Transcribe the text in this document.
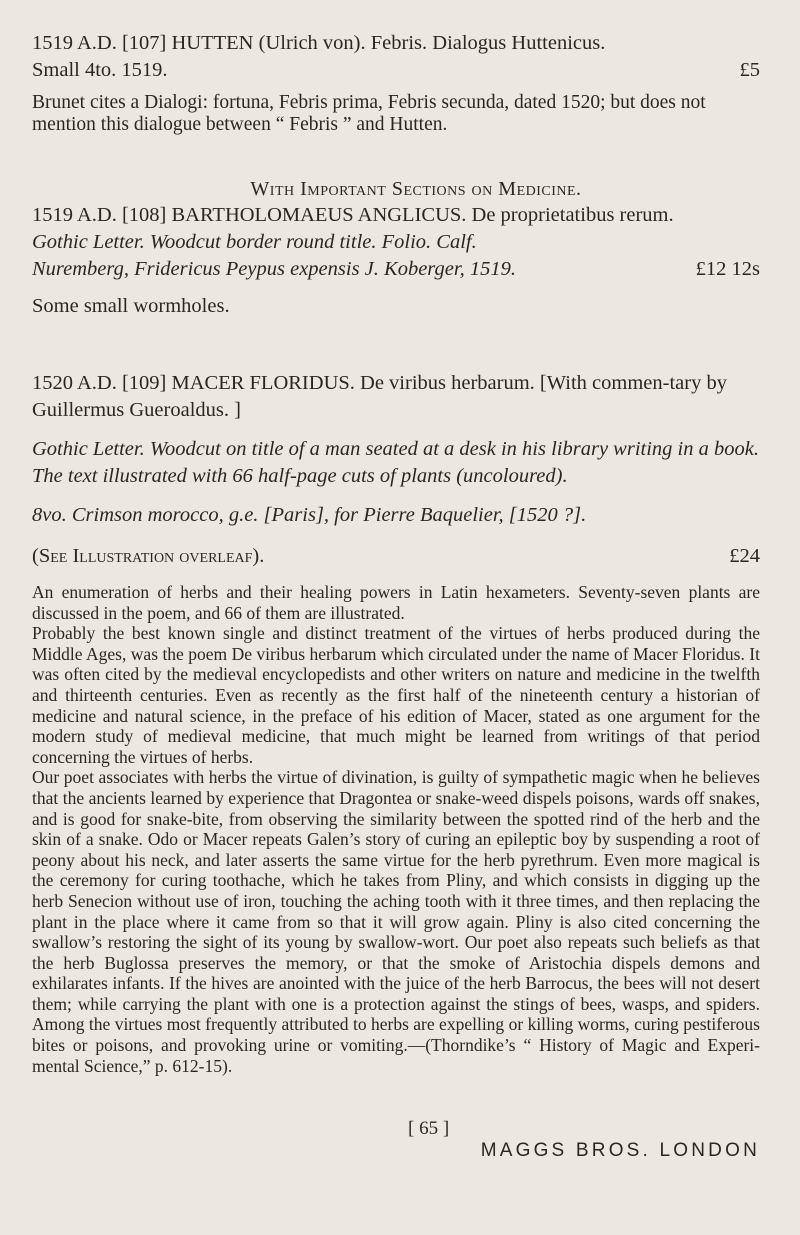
1519 A.D. [107] HUTTEN (Ulrich von). Febris. Dialogus Huttenicus.

Small 4to. 1519.	£5

Brunet cites a Dialogi: fortuna, Febris prima, Febris secunda, dated 1520; but does not mention this dialogue between “ Febris ” and Hutten.

With Important Sections on Medicine.

1519 A.D. [108] BARTHOLOMAEUS ANGLICUS. De proprietatibus rerum.

Gothic Letter. Woodcut border round title. Folio. Calf.

Nuremberg, Fridericus Peypus expensis J. Koberger, 1519.	£12 12s

Some small wormholes.

1520 A.D. [109] MACER FLORIDUS. De viribus herbarum. [With commen-tary by Guillermus Gueroaldus. ]

Gothic Letter. Woodcut on title of a man seated at a desk in his library writing in a book. The text illustrated with 66 half-page cuts of plants (uncoloured).

8vo. Crimson morocco, g.e. [Paris], for Pierre Baquelier, [1520 ?].

(See Illustration overleaf).	£24

An enumeration of herbs and their healing powers in Latin hexameters. Seventy-seven plants are discussed in the poem, and 66 of them are illustrated.

Probably the best known single and distinct treatment of the virtues of herbs produced during the Middle Ages, was the poem De viribus herbarum which circulated under the name of Macer Floridus. It was often cited by the medieval encyclopedists and other writers on nature and medicine in the twelfth and thirteenth centuries. Even as recently as the first half of the nineteenth century a historian of medicine and natural science, in the preface of his edition of Macer, stated as one argument for the modern study of medieval medicine, that much might be learned from writings of that period concerning the virtues of herbs.

Our poet associates with herbs the virtue of divination, is guilty of sympathetic magic when he believes that the ancients learned by experience that Dragontea or snake-weed dispels poisons, wards off snakes, and is good for snake-bite, from observing the similarity between the spotted rind of the herb and the skin of a snake. Odo or Macer repeats Galen’s story of curing an epileptic boy by suspending a root of peony about his neck, and later asserts the same virtue for the herb pyrethrum. Even more magical is the ceremony for curing toothache, which he takes from Pliny, and which consists in digging up the herb Senecion without use of iron, touching the aching tooth with it three times, and then replacing the plant in the place where it came from so that it will grow again. Pliny is also cited concerning the swallow’s restoring the sight of its young by swallow-wort. Our poet also repeats such beliefs as that the herb Buglossa preserves the memory, or that the smoke of Aristochia dispels demons and exhilarates infants. If the hives are anointed with the juice of the herb Barrocus, the bees will not desert them; while carrying the plant with one is a protection against the stings of bees, wasps, and spiders. Among the virtues most frequently attributed to herbs are expelling or killing worms, curing pestiferous bites or poisons, and provoking urine or vomiting.—(Thorndike’s “ History of Magic and Experi-mental Science,” p. 612-15).

[ 65 ]
MAGGS BROS. LONDON
